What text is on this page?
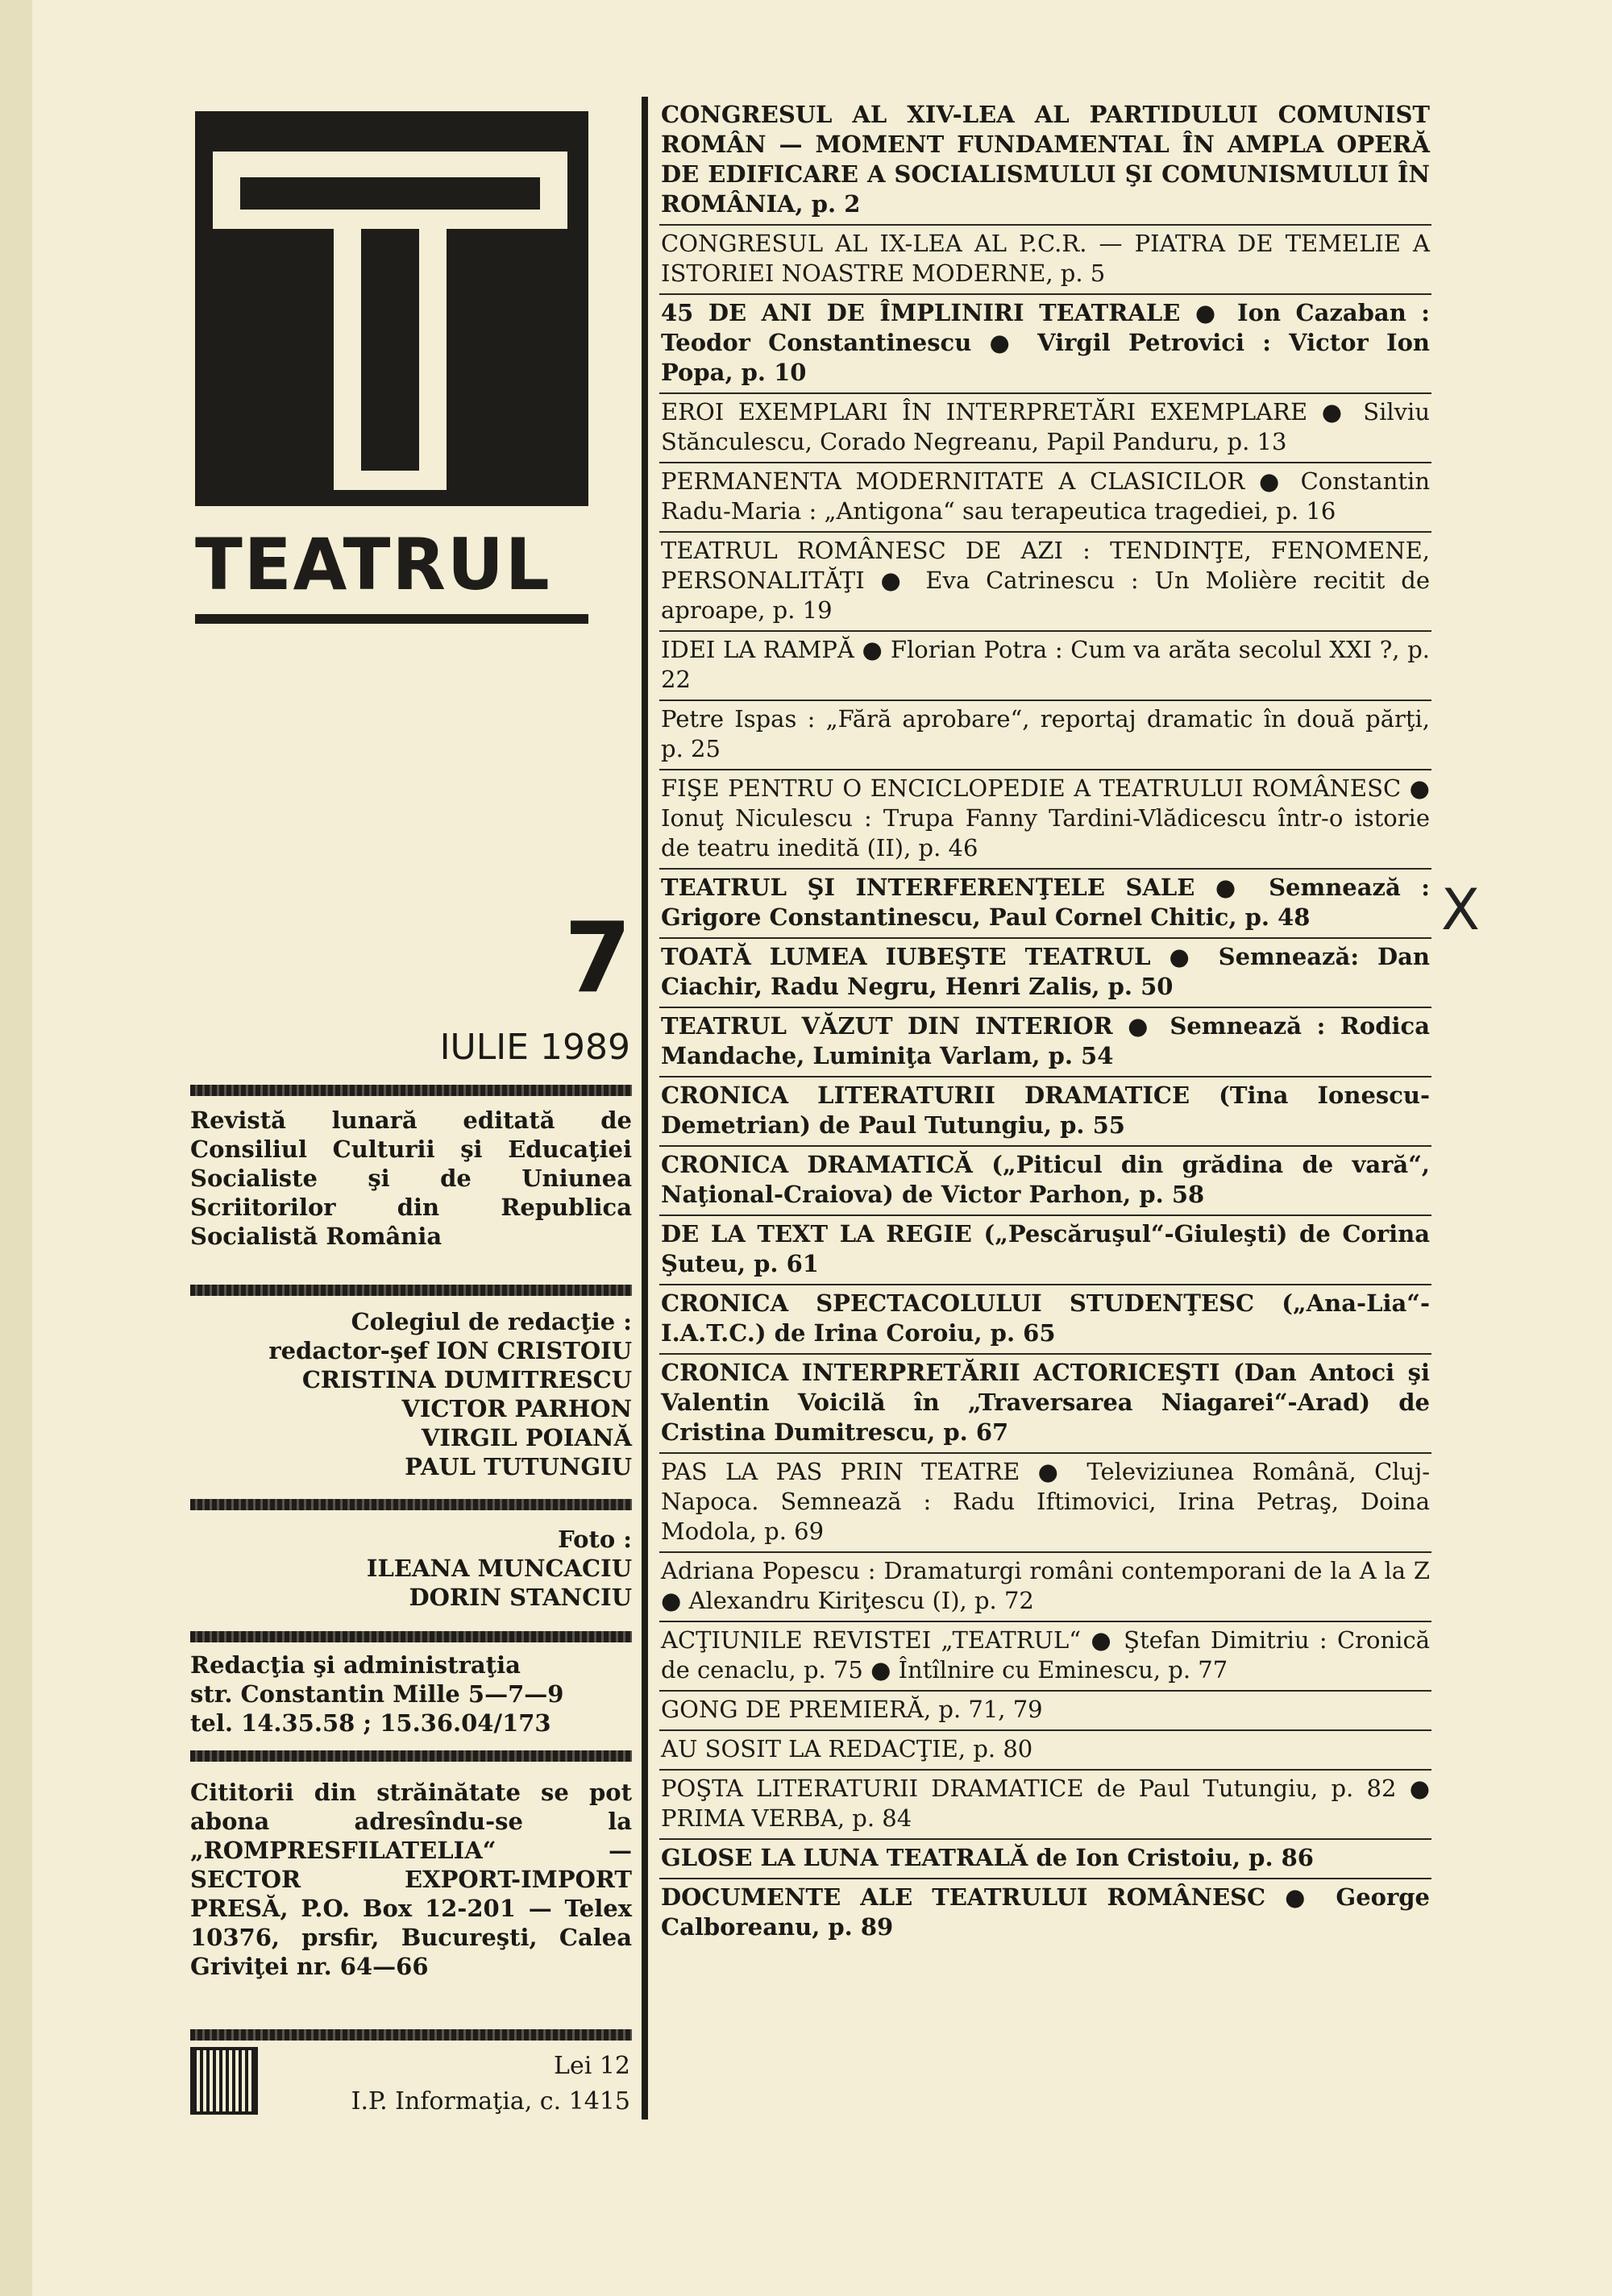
TEATRUL
7
IULIE 1989
Revistă lunară editată de Consiliul Culturii şi Educaţiei Socialiste şi de Uniunea Scriitorilor din Republica Socialistă România
Colegiul de redacţie :
redactor-şef ION CRISTOIU
CRISTINA DUMITRESCU
VICTOR PARHON
VIRGIL POIANĂ
PAUL TUTUNGIU
Foto :
ILEANA MUNCACIU
DORIN STANCIU
Redacţia şi administraţia
str. Constantin Mille 5—7—9
tel. 14.35.58 ; 15.36.04/173
Cititorii din străinătate se pot abona adresîndu-se la „ROMPRESFILATELIA“ — SECTOR EXPORT-IMPORT PRESĂ, P.O. Box 12-201 — Telex 10376, prsfir, Bucureşti, Calea Griviţei nr. 64—66
Lei 12
I.P. Informaţia, c. 1415
CONGRESUL AL XIV-LEA AL PARTIDULUI COMUNIST ROMÂN — MOMENT FUNDAMENTAL ÎN AMPLA OPERĂ DE EDIFICARE A SOCIALISMULUI ŞI COMUNISMULUI ÎN ROMÂNIA, p. 2
CONGRESUL AL IX-LEA AL P.C.R. — PIATRA DE TEMELIE A ISTORIEI NOASTRE MODERNE, p. 5
45 DE ANI DE ÎMPLINIRI TEATRALE ● Ion Cazaban : Teodor Constantinescu ● Virgil Petrovici : Victor Ion Popa, p. 10
EROI EXEMPLARI ÎN INTERPRETĂRI EXEMPLARE ● Silviu Stănculescu, Corado Negreanu, Papil Panduru, p. 13
PERMANENTA MODERNITATE A CLASICILOR ● Constantin Radu-Maria : „Antigona“ sau terapeutica tragediei, p. 16
TEATRUL ROMÂNESC DE AZI : TENDINŢE, FENOMENE, PERSONALITĂŢI ● Eva Catrinescu : Un Molière recitit de aproape, p. 19
IDEI LA RAMPĂ ● Florian Potra : Cum va arăta secolul XXI ?, p. 22
Petre Ispas : „Fără aprobare“, reportaj dramatic în două părţi, p. 25
FIŞE PENTRU O ENCICLOPEDIE A TEATRULUI ROMÂNESC ● Ionuţ Niculescu : Trupa Fanny Tardini-Vlădicescu într-o istorie de teatru inedită (II), p. 46
TEATRUL ŞI INTERFERENŢELE SALE ● Semnează : Grigore Constantinescu, Paul Cornel Chitic, p. 48
TOATĂ LUMEA IUBEŞTE TEATRUL ● Semnează: Dan Ciachir, Radu Negru, Henri Zalis, p. 50
TEATRUL VĂZUT DIN INTERIOR ● Semnează : Rodica Mandache, Luminiţa Varlam, p. 54
CRONICA LITERATURII DRAMATICE (Tina Ionescu-Demetrian) de Paul Tutungiu, p. 55
CRONICA DRAMATICĂ („Piticul din grădina de vară“, Naţional-Craiova) de Victor Parhon, p. 58
DE LA TEXT LA REGIE („Pescăruşul“-Giuleşti) de Corina Şuteu, p. 61
CRONICA SPECTACOLULUI STUDENŢESC („Ana-Lia“-I.A.T.C.) de Irina Coroiu, p. 65
CRONICA INTERPRETĂRII ACTORICEŞTI (Dan Antoci şi Valentin Voicilă în „Traversarea Niagarei“-Arad) de Cristina Dumitrescu, p. 67
PAS LA PAS PRIN TEATRE ● Televiziunea Română, Cluj-Napoca. Semnează : Radu Iftimovici, Irina Petraş, Doina Modola, p. 69
Adriana Popescu : Dramaturgi români contemporani de la A la Z ● Alexandru Kiriţescu (I), p. 72
ACŢIUNILE REVISTEI „TEATRUL“ ● Ştefan Dimitriu : Cronică de cenaclu, p. 75 ● Întîlnire cu Eminescu, p. 77
GONG DE PREMIERĂ, p. 71, 79
AU SOSIT LA REDACŢIE, p. 80
POŞTA LITERATURII DRAMATICE de Paul Tutungiu, p. 82 ● PRIMA VERBA, p. 84
GLOSE LA LUNA TEATRALĂ de Ion Cristoiu, p. 86
DOCUMENTE ALE TEATRULUI ROMÂNESC ● George Calboreanu, p. 89
X
